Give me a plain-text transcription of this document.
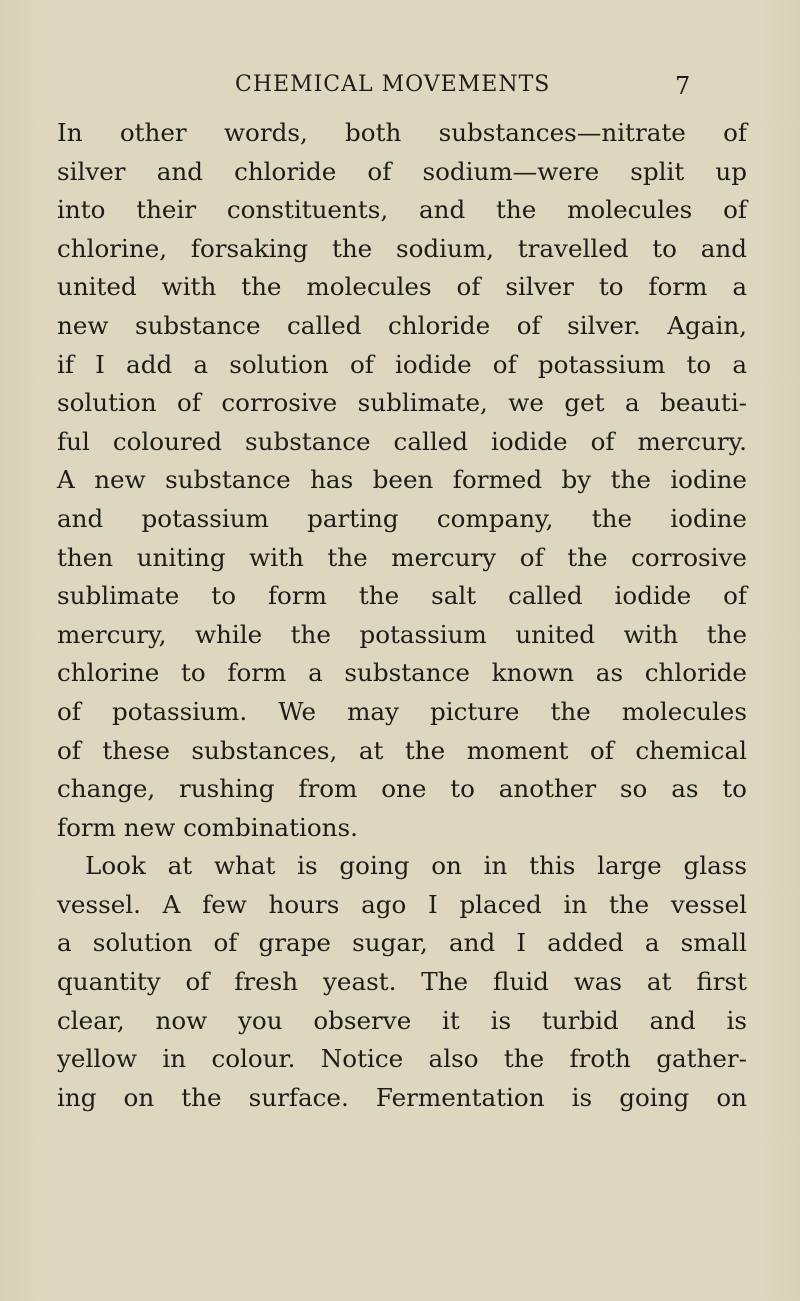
CHEMICAL MOVEMENTS	7
In other words, both substances—nitrate of
silver and chloride of sodium—were split up
into their constituents, and the molecules of
chlorine, forsaking the sodium, travelled to and
united with the molecules of silver to form a
new substance called chloride of silver. Again,
if I add a solution of iodide of potassium to a
solution of corrosive sublimate, we get a beauti-
ful coloured substance called iodide of mercury.
A new substance has been formed by the iodine
and potassium parting company, the iodine
then uniting with the mercury of the corrosive
sublimate to form the salt called iodide of
mercury, while the potassium united with the
chlorine to form a substance known as chloride
of potassium. We may picture the molecules
of these substances, at the moment of chemical
change, rushing from one to another so as to
form new combinations.
Look at what is going on in this large glass
vessel. A few hours ago I placed in the vessel
a solution of grape sugar, and I added a small
quantity of fresh yeast. The fluid was at first
clear, now you observe it is turbid and is
yellow in colour. Notice also the froth gather-
ing on the surface. Fermentation is going on
